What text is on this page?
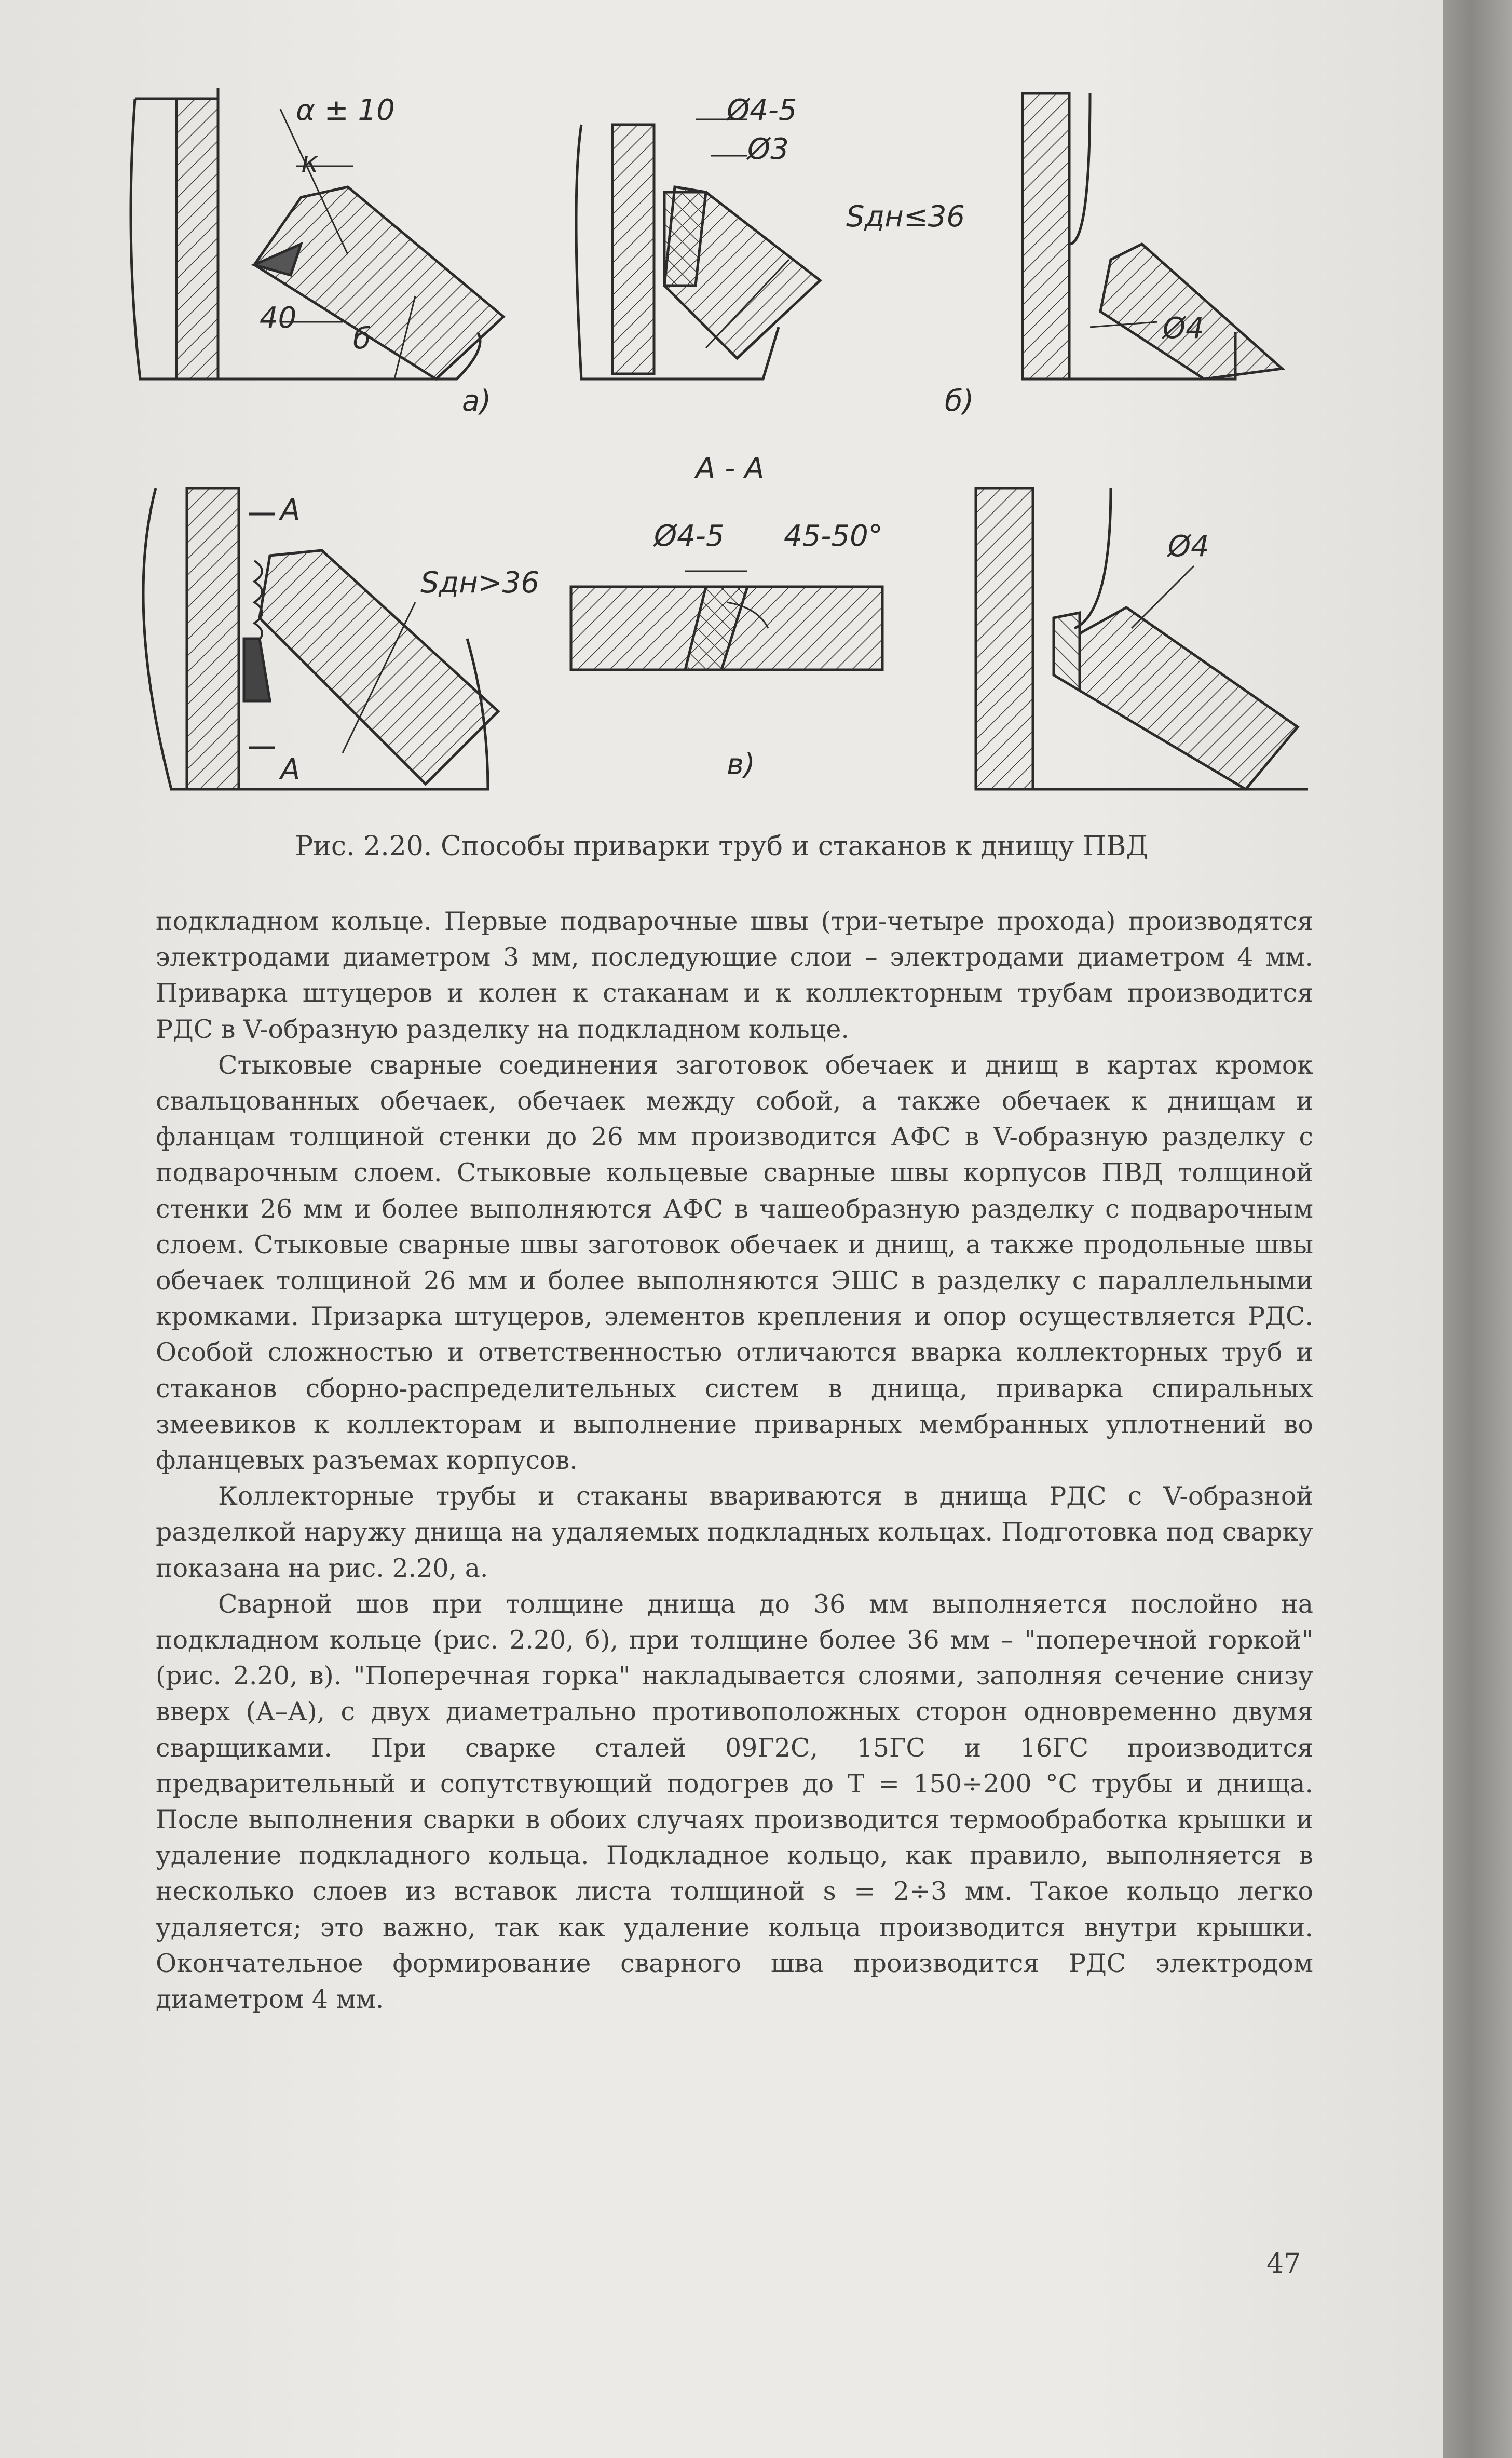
α ± 10
к
40
б
а)
Ø4-5
Ø3
Sдн≤36
Ø4
б)
А
А
Sдн>36
А - А
Ø4-5 45-50°
в)
Ø4
Рис. 2.20. Способы приварки труб и стаканов к днищу ПВД

подкладном кольце. Первые подварочные швы (три-четыре прохода) производятся электродами диаметром 3 мм, последующие слои – электродами диаметром 4 мм. Приварка штуцеров и колен к стаканам и к коллекторным трубам производится РДС в V-образную разделку на подкладном кольце.

Стыковые сварные соединения заготовок обечаек и днищ в картах кромок свальцованных обечаек, обечаек между собой, а также обечаек к днищам и фланцам толщиной стенки до 26 мм производится АФС в V-образную разделку с подварочным слоем. Стыковые кольцевые сварные швы корпусов ПВД толщиной стенки 26 мм и более выполняются АФС в чашеобразную разделку с подварочным слоем. Стыковые сварные швы заготовок обечаек и днищ, а также продольные швы обечаек толщиной 26 мм и более выполняются ЭШС в разделку с параллельными кромками. Призарка штуцеров, элементов крепления и опор осуществляется РДС. Особой сложностью и ответственностью отличаются вварка коллекторных труб и стаканов сборно-распределительных систем в днища, приварка спиральных змеевиков к коллекторам и выполнение приварных мембранных уплотнений во фланцевых разъемах корпусов.

Коллекторные трубы и стаканы ввариваются в днища РДС с V-образной разделкой наружу днища на удаляемых подкладных кольцах. Подготовка под сварку показана на рис. 2.20, а.

Сварной шов при толщине днища до 36 мм выполняется послойно на подкладном кольце (рис. 2.20, б), при толщине более 36 мм – "поперечной горкой" (рис. 2.20, в). "Поперечная горка" накладывается слоями, заполняя сечение снизу вверх (А–А), с двух диаметрально противоположных сторон одновременно двумя сварщиками. При сварке сталей 09Г2С, 15ГС и 16ГС производится предварительный и сопутствующий подогрев до Т = 150÷200 °С трубы и днища. После выполнения сварки в обоих случаях производится термообработка крышки и удаление подкладного кольца. Подкладное кольцо, как правило, выполняется в несколько слоев из вставок листа толщиной s = 2÷3 мм. Такое кольцо легко удаляется; это важно, так как удаление кольца производится внутри крышки. Окончательное формирование сварного шва производится РДС электродом диаметром 4 мм.

47
